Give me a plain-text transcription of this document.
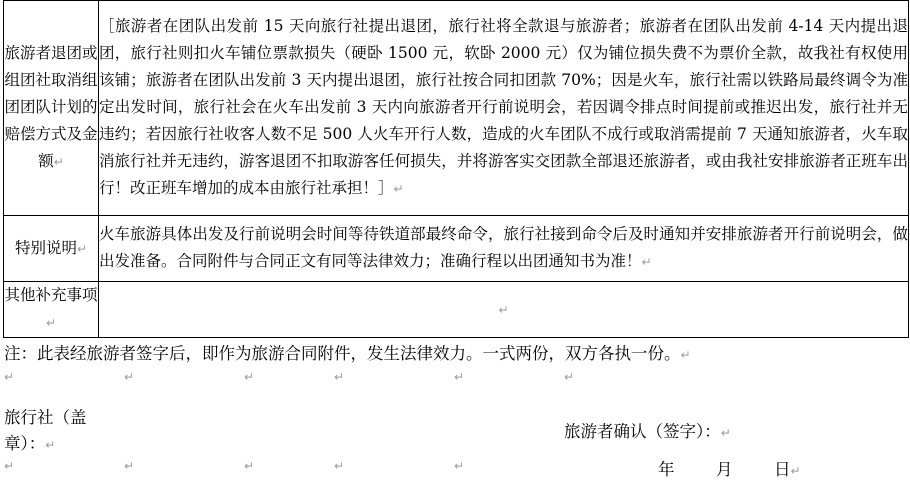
旅游者退团或组团社取消组团团队计划的赔偿方式及金额↵	［旅游者在团队出发前 15 天向旅行社提出退团，旅行社将全款退与旅游者；旅游者在团队出发前 4-14 天内提出退团，旅行社则扣火车铺位票款损失（硬卧 1500 元，软卧 2000 元）仅为铺位损失费不为票价全款，故我社有权使用该铺；旅游者在团队出发前 3 天内提出退团，旅行社按合同扣团款 70%；因是火车，旅行社需以铁路局最终调令为准定出发时间，旅行社会在火车出发前 3 天内向旅游者开行前说明会，若因调令排点时间提前或推迟出发，旅行社并无违约；若因旅行社收客人数不足 500 人火车开行人数，造成的火车团队不成行或取消需提前 7 天通知旅游者，火车取消旅行社并无违约，游客退团不扣取游客任何损失，并将游客实交团款全部退还旅游者，或由我社安排旅游者正班车出行！改正班车增加的成本由旅行社承担！］↵
特别说明↵	火车旅游具体出发及行前说明会时间等待铁道部最终命令，旅行社接到命令后及时通知并安排旅游者开行前说明会，做出发准备。合同附件与合同正文有同等法律效力；准确行程以出团通知书为准！↵
其他补充事项↵	↵
注：此表经旅游者签字后，即作为旅游合同附件，发生法律效力。一式两份，双方各执一份。↵
↵	↵	↵	↵	↵	↵
旅行社（盖
章）：↵
旅游者确认（签字）：↵
↵	↵	↵	↵	↵	年	月	日↵
